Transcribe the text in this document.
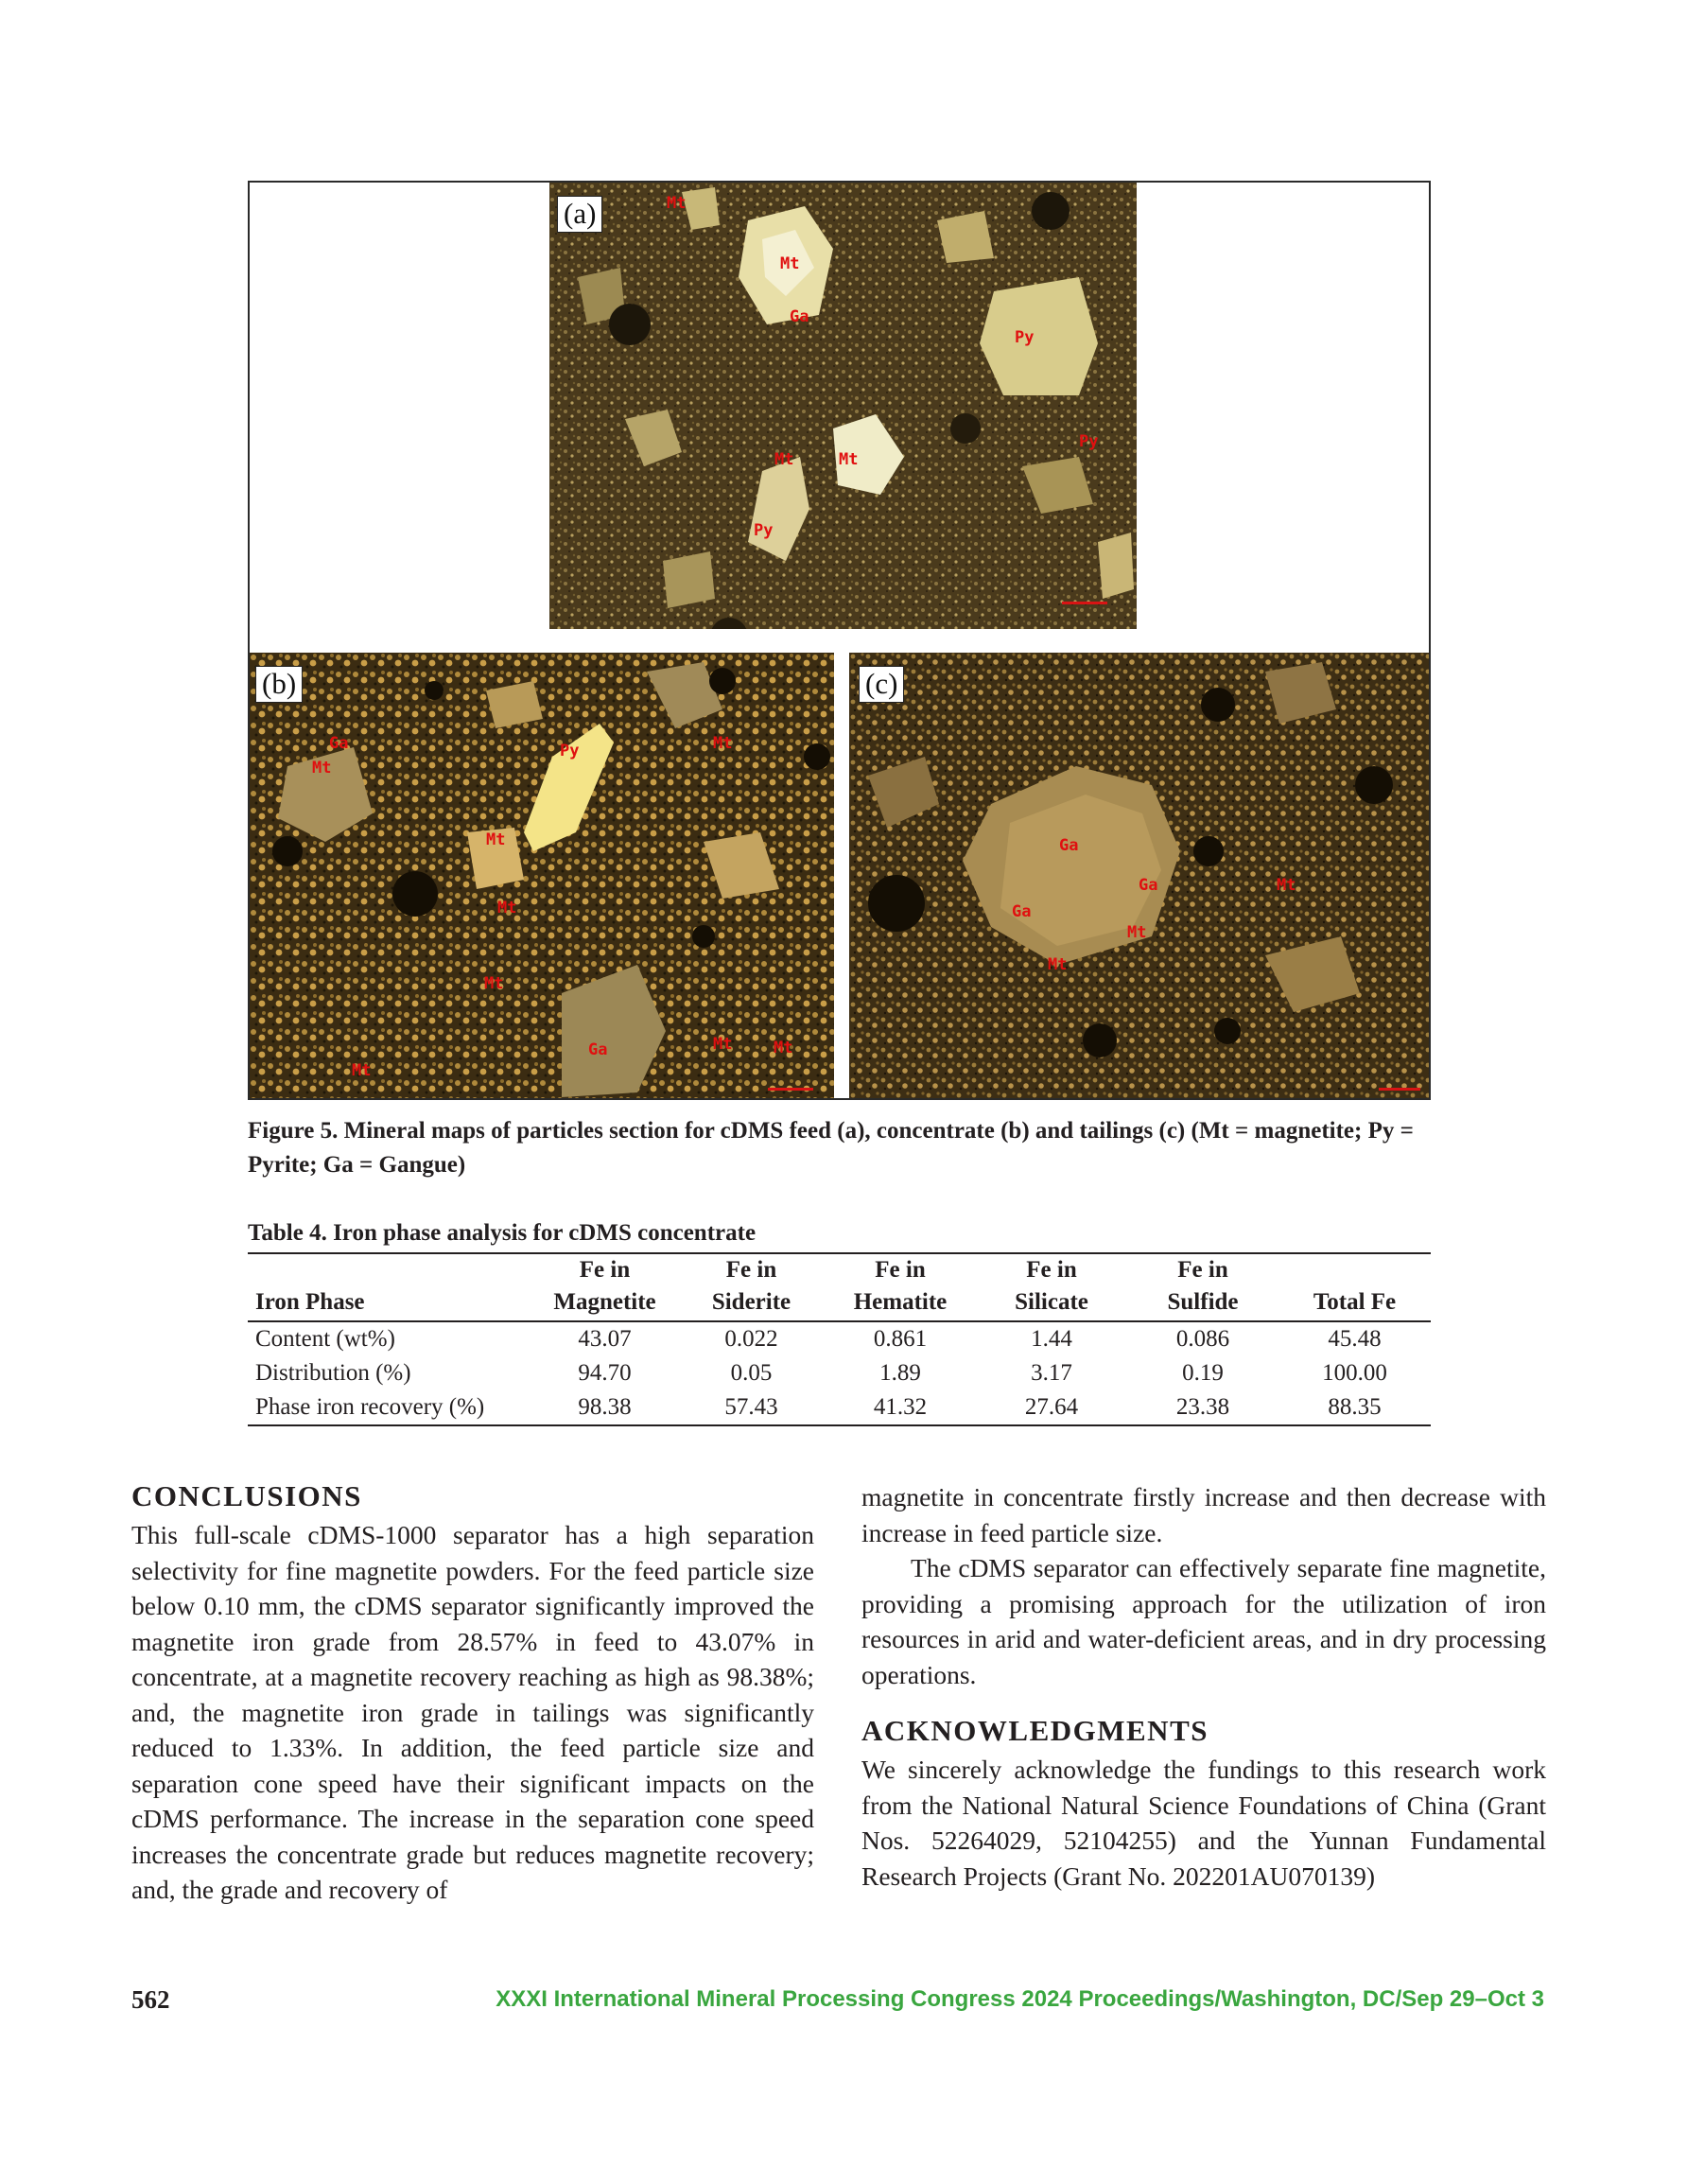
(a)	Mt
Mt
Ga
Py
Py
Mt	Mt
Py
(b)
Ga
Mt
Py	Mt
Mt
Mt
Mt
Ga	Mt	Mt
Mt
(c)
Ga
Ga	Mt
Ga
Mt
Mt
Figure 5. Mineral maps of particles section for cDMS feed (a), concentrate (b) and tailings (c) (Mt = magnetite; Py = Pyrite; Ga = Gangue)
Table 4. Iron phase analysis for cDMS concentrate
	Fe in	Fe in	Fe in	Fe in	Fe in	
Iron Phase	Magnetite	Siderite	Hematite	Silicate	Sulfide	Total Fe
Content (wt%)	43.07	0.022	0.861	1.44	0.086	45.48
Distribution (%)	94.70	0.05	1.89	3.17	0.19	100.00
Phase iron recovery (%)	98.38	57.43	41.32	27.64	23.38	88.35
CONCLUSIONS
This full-scale cDMS-1000 separator has a high separation selectivity for fine magnetite powders. For the feed particle size below 0.10 mm, the cDMS separator significantly improved the magnetite iron grade from 28.57% in feed to 43.07% in concentrate, at a magnetite recovery reaching as high as 98.38%; and, the magnetite iron grade in tailings was significantly reduced to 1.33%. In addition, the feed particle size and separation cone speed have their significant impacts on the cDMS performance. The increase in the separation cone speed increases the concentrate grade but reduces magnetite recovery; and, the grade and recovery of
magnetite in concentrate firstly increase and then decrease with increase in feed particle size.
The cDMS separator can effectively separate fine magnetite, providing a promising approach for the utilization of iron resources in arid and water-deficient areas, and in dry processing operations.
ACKNOWLEDGMENTS
We sincerely acknowledge the fundings to this research work from the National Natural Science Foundations of China (Grant Nos. 52264029, 52104255) and the Yunnan Fundamental Research Projects (Grant No. 202201AU070139)
562	XXXI International Mineral Processing Congress 2024 Proceedings/Washington, DC/Sep 29–Oct 3
